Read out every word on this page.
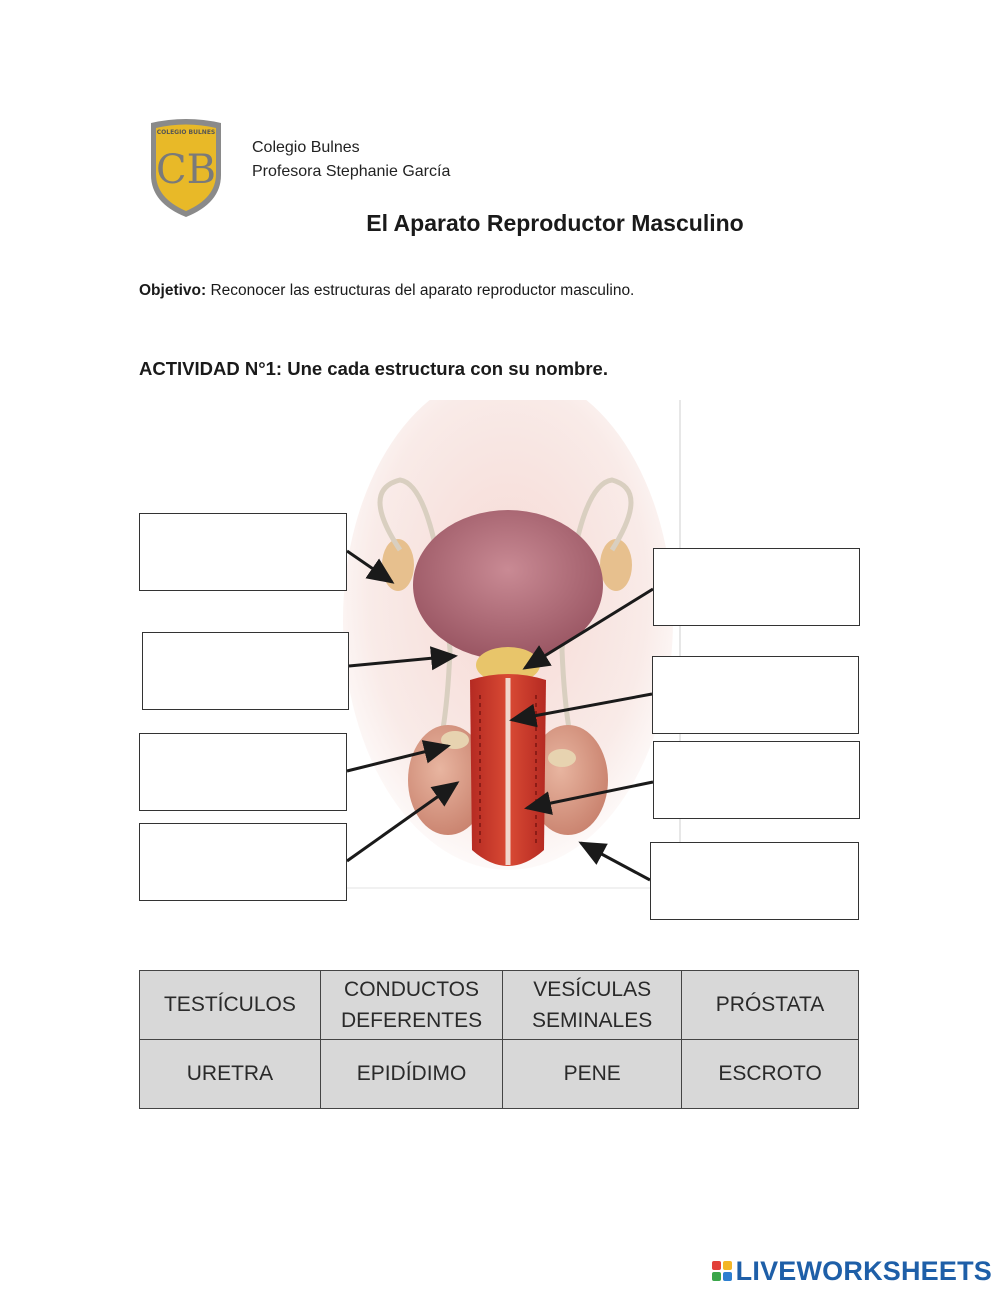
COLEGIO BULNES
CB Colegio Bulnes
Profesora Stephanie García
El Aparato Reproductor Masculino
Objetivo: Reconocer las estructuras del aparato reproductor masculino.
ACTIVIDAD N°1: Une cada estructura con su nombre.
TESTÍCULOS	CONDUCTOS DEFERENTES	VESÍCULAS SEMINALES	PRÓSTATA
URETRA	EPIDÍDIMO	PENE	ESCROTO
LIVEWORKSHEETS
